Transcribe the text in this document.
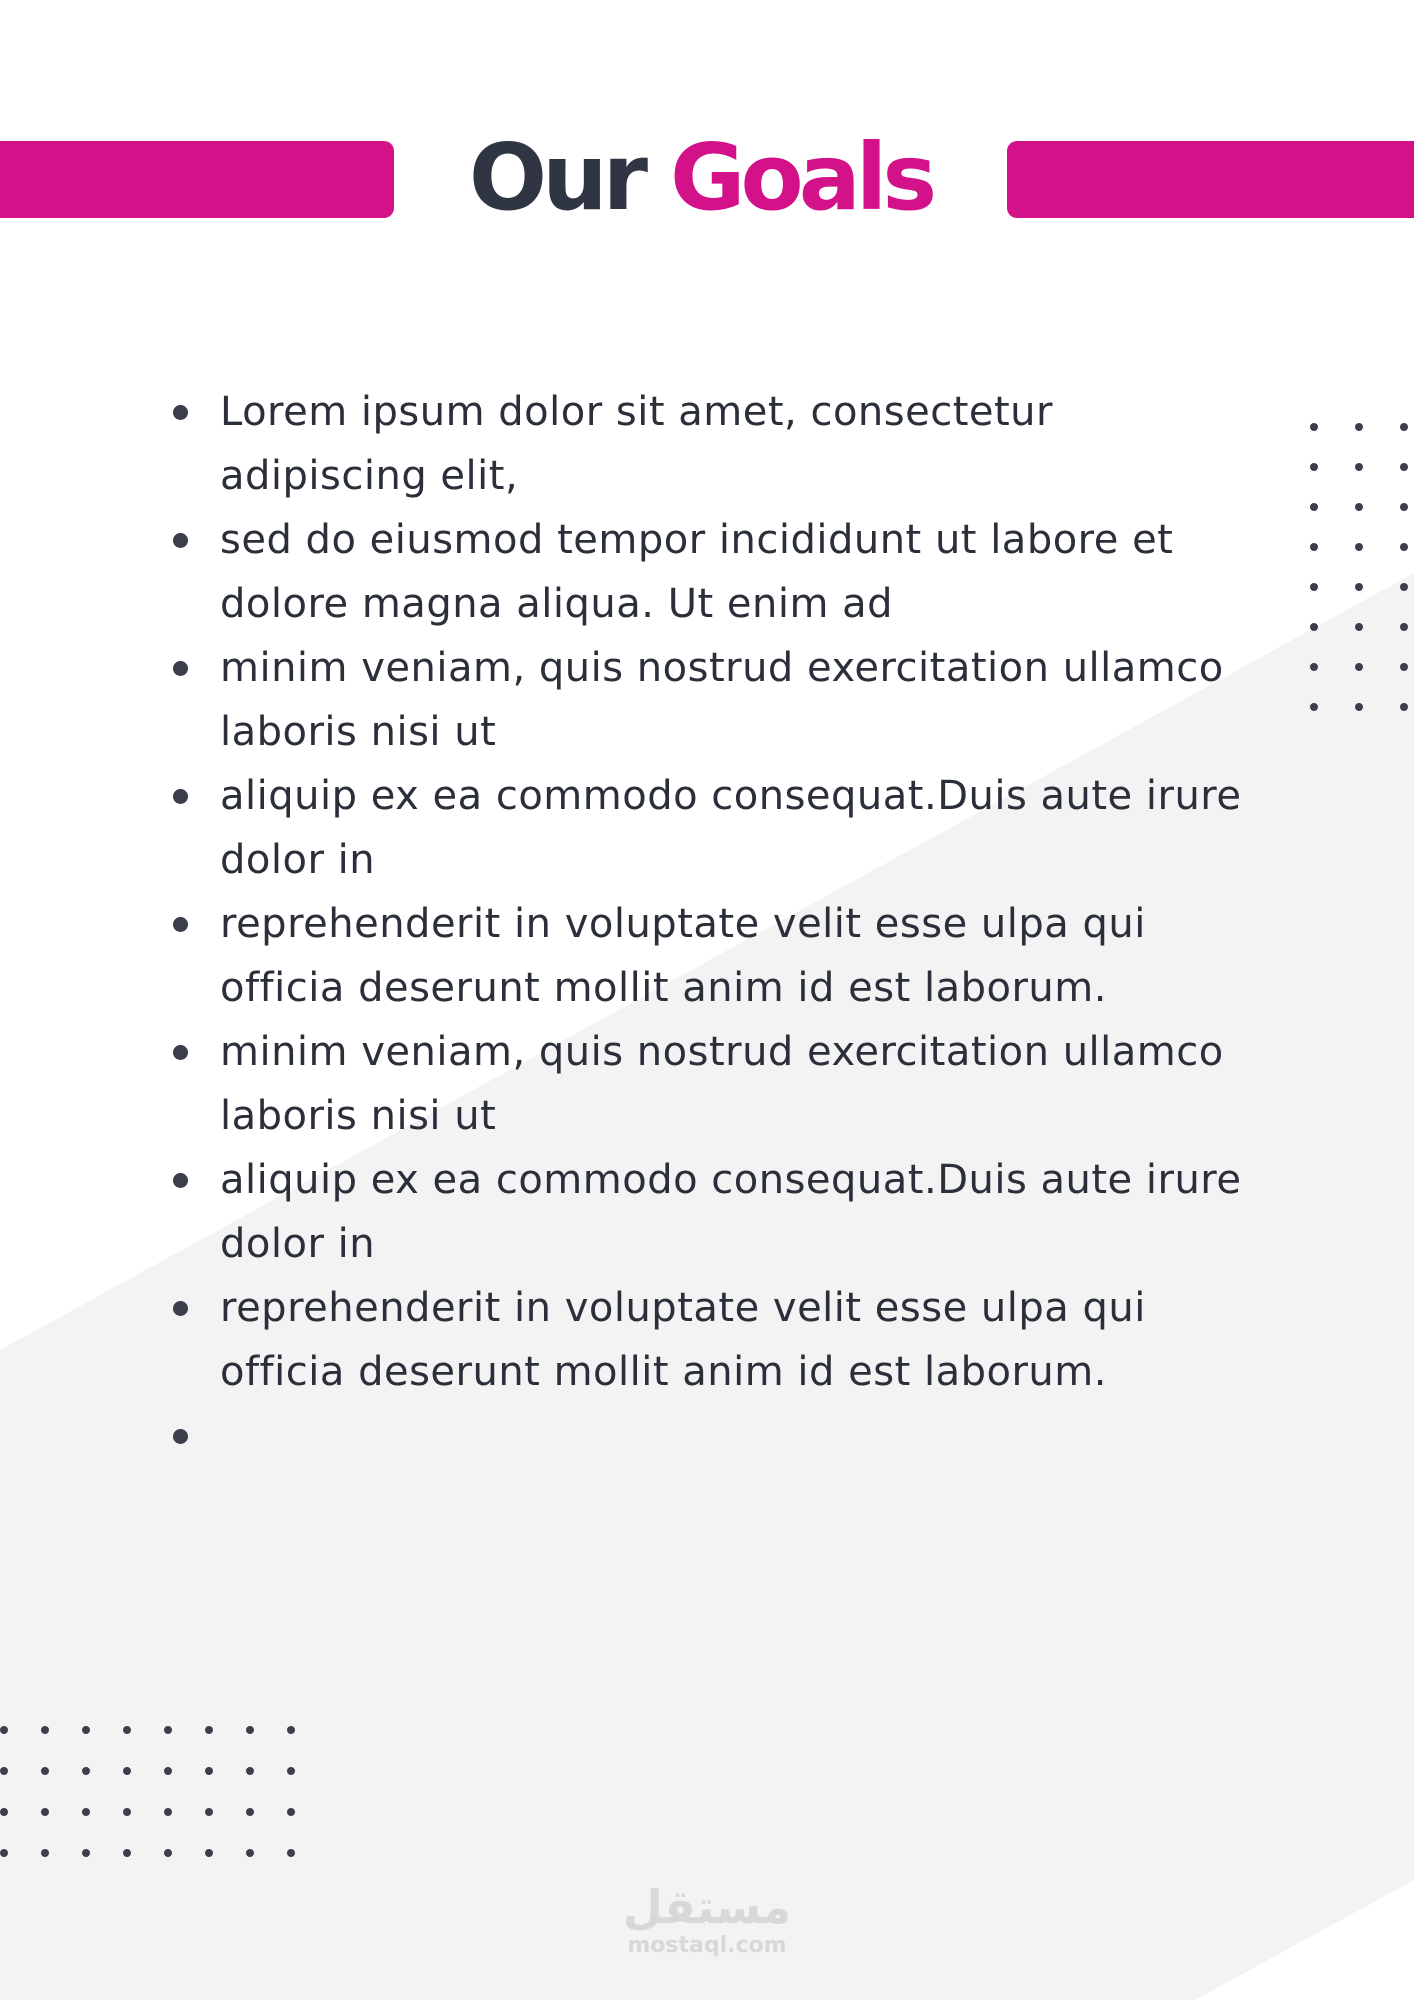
Our Goals
Lorem ipsum dolor sit amet, consectetur adipiscing elit,
sed do eiusmod tempor incididunt ut labore et dolore magna aliqua. Ut enim ad
minim veniam, quis nostrud exercitation ullamco laboris nisi ut
aliquip ex ea commodo consequat.Duis aute irure dolor in
reprehenderit in voluptate velit esse ulpa qui officia deserunt mollit anim id est laborum.
minim veniam, quis nostrud exercitation ullamco laboris nisi ut
aliquip ex ea commodo consequat.Duis aute irure dolor in
reprehenderit in voluptate velit esse ulpa qui officia deserunt mollit anim id est laborum.
مستقل
mostaql.com
